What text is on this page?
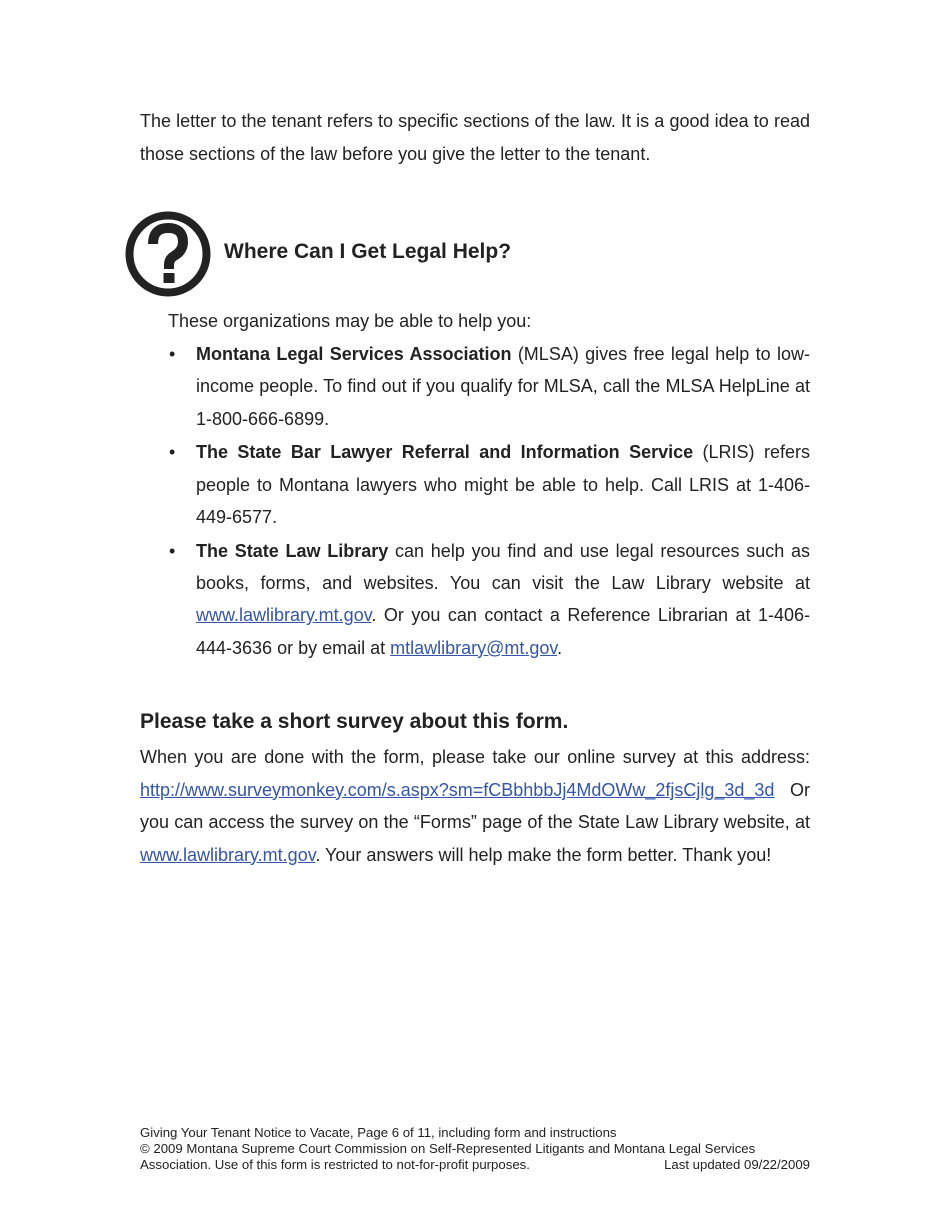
The letter to the tenant refers to specific sections of the law. It is a good idea to read those sections of the law before you give the letter to the tenant.

Where Can I Get Legal Help?

These organizations may be able to help you:

• Montana Legal Services Association (MLSA) gives free legal help to low-income people. To find out if you qualify for MLSA, call the MLSA HelpLine at 1-800-666-6899.
• The State Bar Lawyer Referral and Information Service (LRIS) refers people to Montana lawyers who might be able to help. Call LRIS at 1-406-449-6577.
• The State Law Library can help you find and use legal resources such as books, forms, and websites. You can visit the Law Library website at www.lawlibrary.mt.gov. Or you can contact a Reference Librarian at 1-406-444-3636 or by email at mtlawlibrary@mt.gov.
Please take a short survey about this form.

When you are done with the form, please take our online survey at this address: http://www.surveymonkey.com/s.aspx?sm=fCBbhbbJj4MdOWw_2fjsCjlg_3d_3d Or you can access the survey on the “Forms” page of the State Law Library website, at www.lawlibrary.mt.gov. Your answers will help make the form better. Thank you!

Giving Your Tenant Notice to Vacate, Page 6 of 11, including form and instructions
© 2009 Montana Supreme Court Commission on Self-Represented Litigants and Montana Legal Services
Association. Use of this form is restricted to not-for-profit purposes.	Last updated 09/22/2009
